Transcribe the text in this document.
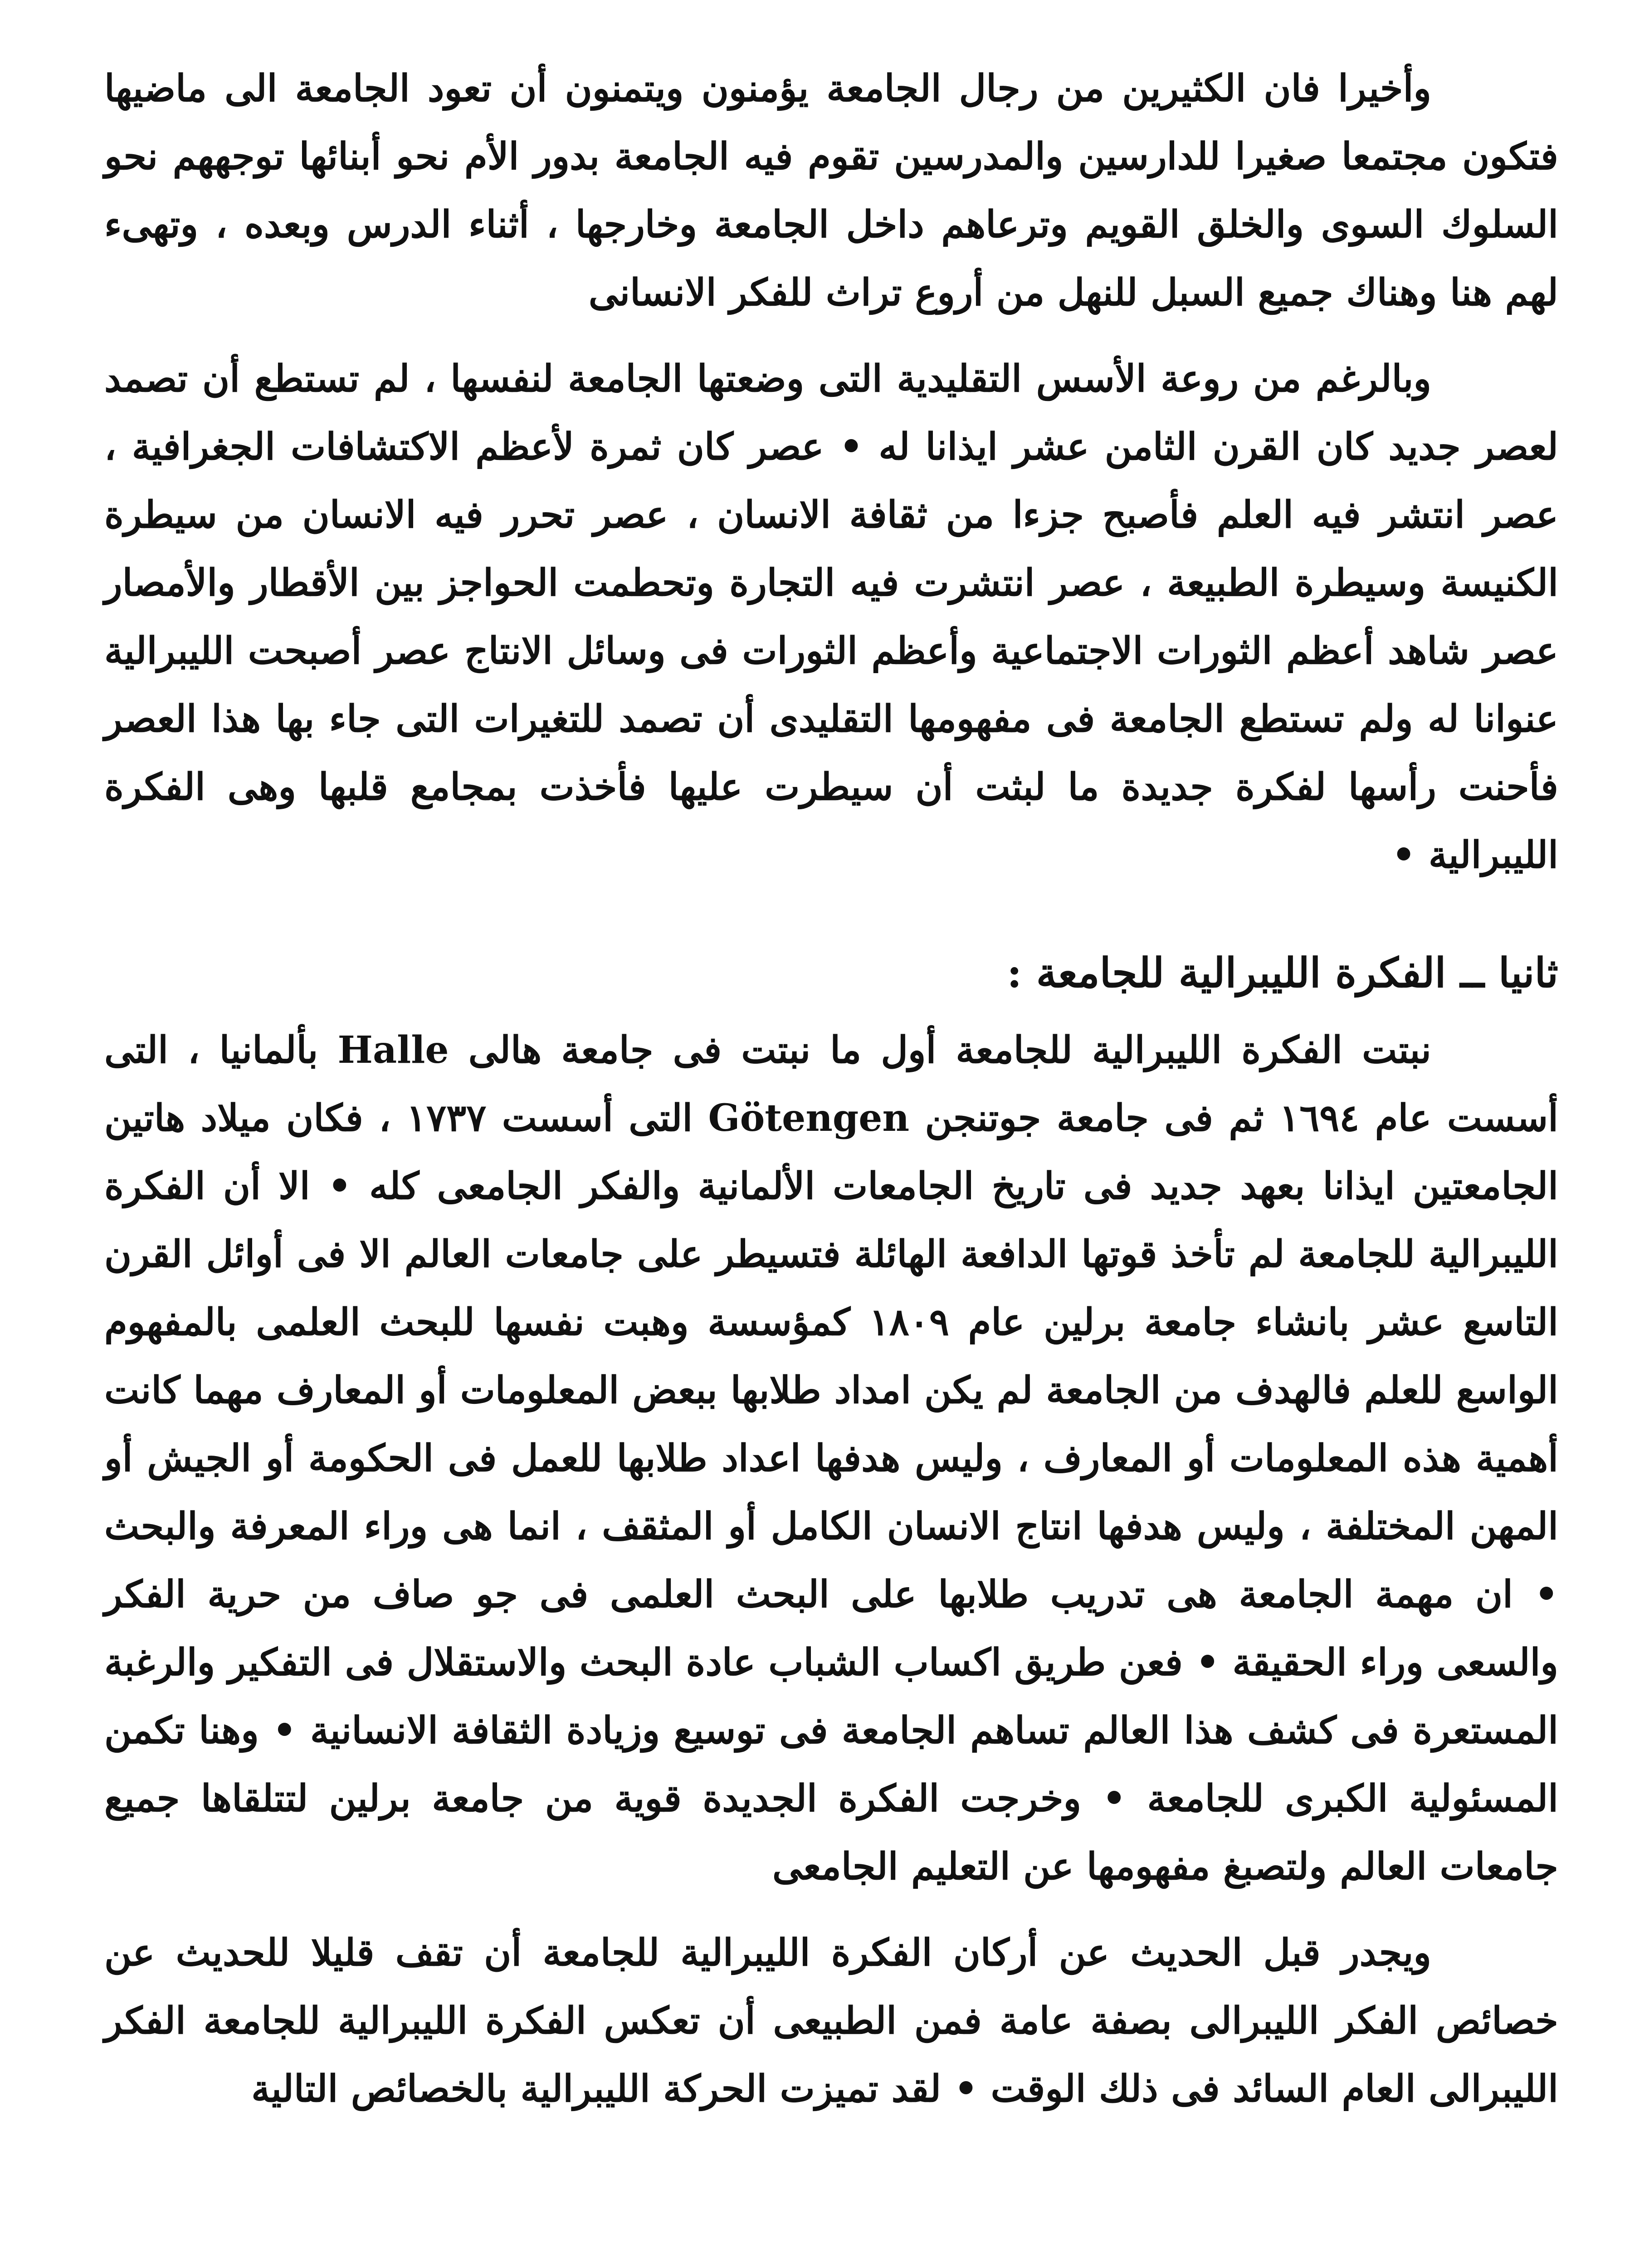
وأخيرا فان الكثيرين من رجال الجامعة يؤمنون ويتمنون أن تعود الجامعة الى ماضيها فتكون مجتمعا صغيرا للدارسين والمدرسين تقوم فيه الجامعة بدور الأم نحو أبنائها توجههم نحو السلوك السوى والخلق القويم وترعاهم داخل الجامعة وخارجها ، أثناء الدرس وبعده ، وتهىء لهم هنا وهناك جميع السبل للنهل من أروع تراث للفكر الانسانى

وبالرغم من روعة الأسس التقليدية التى وضعتها الجامعة لنفسها ، لم تستطع أن تصمد لعصر جديد كان القرن الثامن عشر ايذانا له • عصر كان ثمرة لأعظم الاكتشافات الجغرافية ، عصر انتشر فيه العلم فأصبح جزءا من ثقافة الانسان ، عصر تحرر فيه الانسان من سيطرة الكنيسة وسيطرة الطبيعة ، عصر انتشرت فيه التجارة وتحطمت الحواجز بين الأقطار والأمصار عصر شاهد أعظم الثورات الاجتماعية وأعظم الثورات فى وسائل الانتاج عصر أصبحت الليبرالية عنوانا له ولم تستطع الجامعة فى مفهومها التقليدى أن تصمد للتغيرات التى جاء بها هذا العصر فأحنت رأسها لفكرة جديدة ما لبثت أن سيطرت عليها فأخذت بمجامع قلبها وهى الفكرة الليبرالية •

ثانيا ــ الفكرة الليبرالية للجامعة :

نبتت الفكرة الليبرالية للجامعة أول ما نبتت فى جامعة هالى Halle بألمانيا ، التى أسست عام ١٦٩٤ ثم فى جامعة جوتنجن Götengen التى أسست ١٧٣٧ ، فكان ميلاد هاتين الجامعتين ايذانا بعهد جديد فى تاريخ الجامعات الألمانية والفكر الجامعى كله • الا أن الفكرة الليبرالية للجامعة لم تأخذ قوتها الدافعة الهائلة فتسيطر على جامعات العالم الا فى أوائل القرن التاسع عشر بانشاء جامعة برلين عام ١٨٠٩ كمؤسسة وهبت نفسها للبحث العلمى بالمفهوم الواسع للعلم فالهدف من الجامعة لم يكن امداد طلابها ببعض المعلومات أو المعارف مهما كانت أهمية هذه المعلومات أو المعارف ، وليس هدفها اعداد طلابها للعمل فى الحكومة أو الجيش أو المهن المختلفة ، وليس هدفها انتاج الانسان الكامل أو المثقف ، انما هى وراء المعرفة والبحث • ان مهمة الجامعة هى تدريب طلابها على البحث العلمى فى جو صاف من حرية الفكر والسعى وراء الحقيقة • فعن طريق اكساب الشباب عادة البحث والاستقلال فى التفكير والرغبة المستعرة فى كشف هذا العالم تساهم الجامعة فى توسيع وزيادة الثقافة الانسانية • وهنا تكمن المسئولية الكبرى للجامعة • وخرجت الفكرة الجديدة قوية من جامعة برلين لتتلقاها جميع جامعات العالم ولتصبغ مفهومها عن التعليم الجامعى

ويجدر قبل الحديث عن أركان الفكرة الليبرالية للجامعة أن تقف قليلا للحديث عن خصائص الفكر الليبرالى بصفة عامة فمن الطبيعى أن تعكس الفكرة الليبرالية للجامعة الفكر الليبرالى العام السائد فى ذلك الوقت • لقد تميزت الحركة الليبرالية بالخصائص التالية
